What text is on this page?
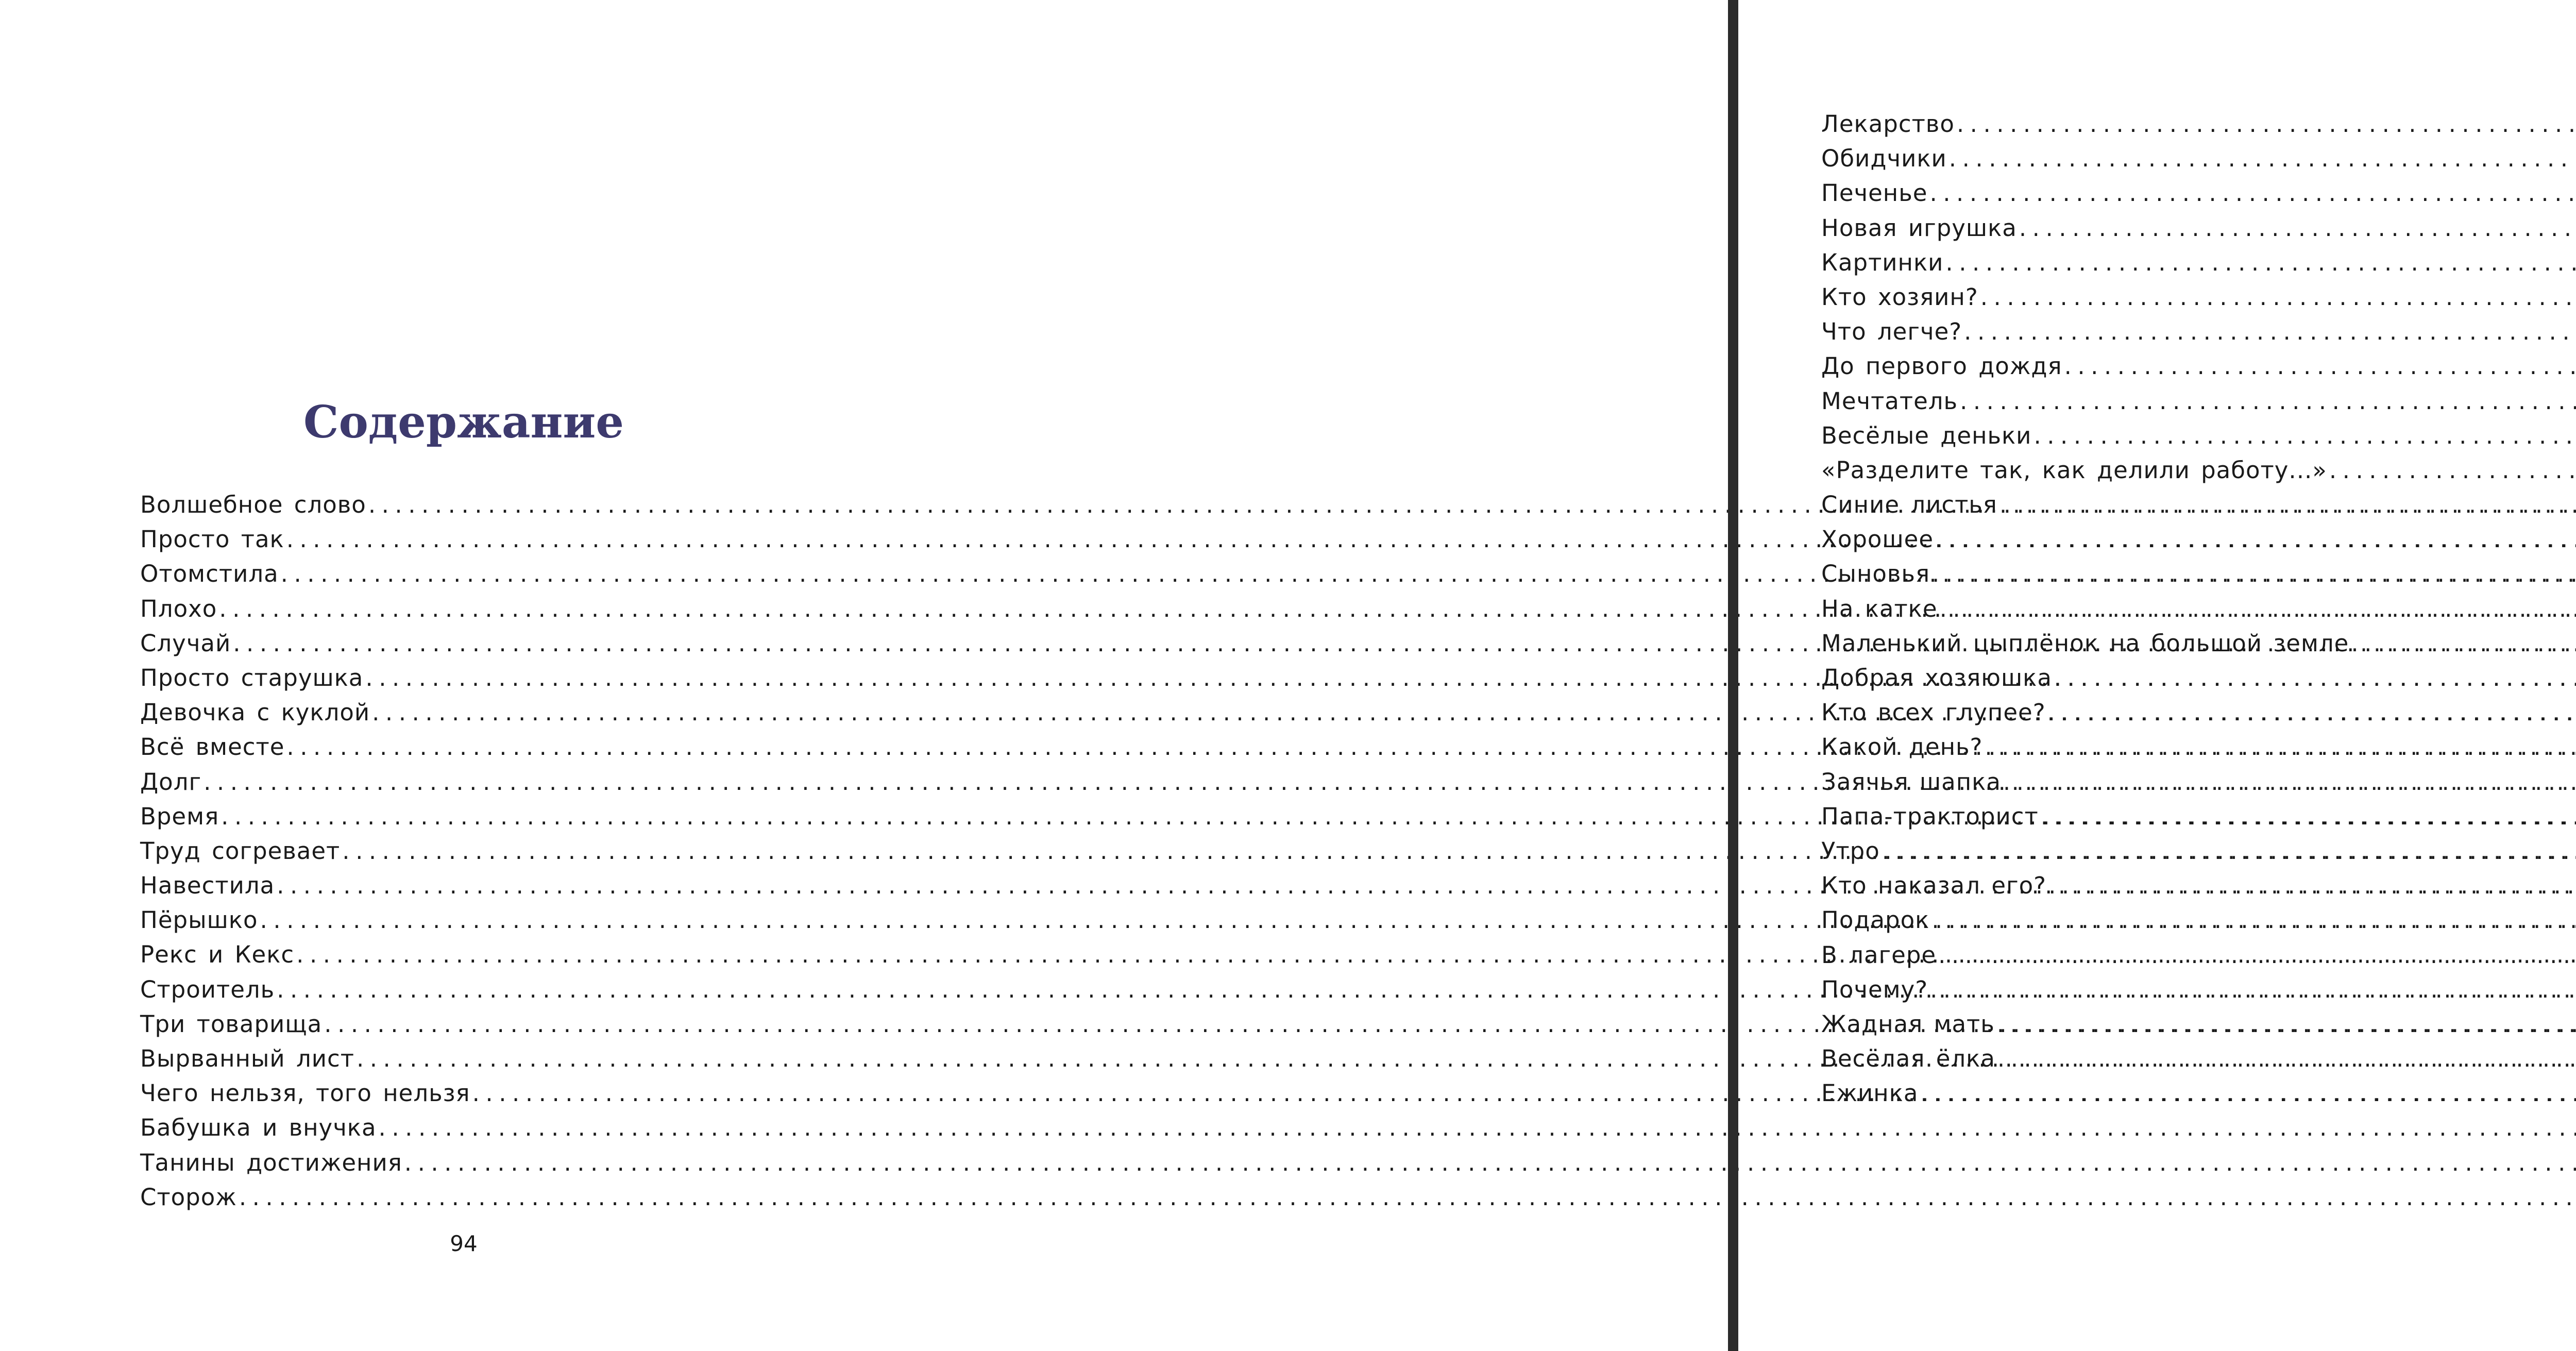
Содержание
Волшебное слово
.....
Просто так
.....
Отомстила
.....
Плохо
.....
Случай
.....
Просто старушка
.....
Девочка с куклой
.....
Всё вместе
.....
Долг
.....
Время
.....
Труд согревает
.....
Навестила
.....
Пёрышко
.....
Рекс и Кекс
.....
Строитель
.....
Три товарища
.....
Вырванный лист
.....
Чего нельзя, того нельзя
.....
Бабушка и внучка
.....
Танины достижения
.....
Сторож
.....
94
Лекарство
.....
Обидчики
.....
Печенье
.....
Новая игрушка
.....
Картинки
.....
Кто хозяин?
.....
Что легче?
.....
До первого дождя
.....
Мечтатель
.....
Весёлые деньки
.....
«Разделите так, как делили работу...»
.....
Синие листья
.....
Хорошее
.....
Сыновья
.....
На катке
.....
Маленький цыплёнок на большой земле
.....
Добрая хозяюшка
.....
Кто всех глупее?
.....
Какой день?
.....
Заячья шапка
.....
Папа-тракторист
.....
Утро
.....
Кто наказал его?
.....
Подарок
.....
В лагере
.....
Почему?
.....
Жадная мать
.....
Весёлая ёлка
.....
Ежинка
.....
